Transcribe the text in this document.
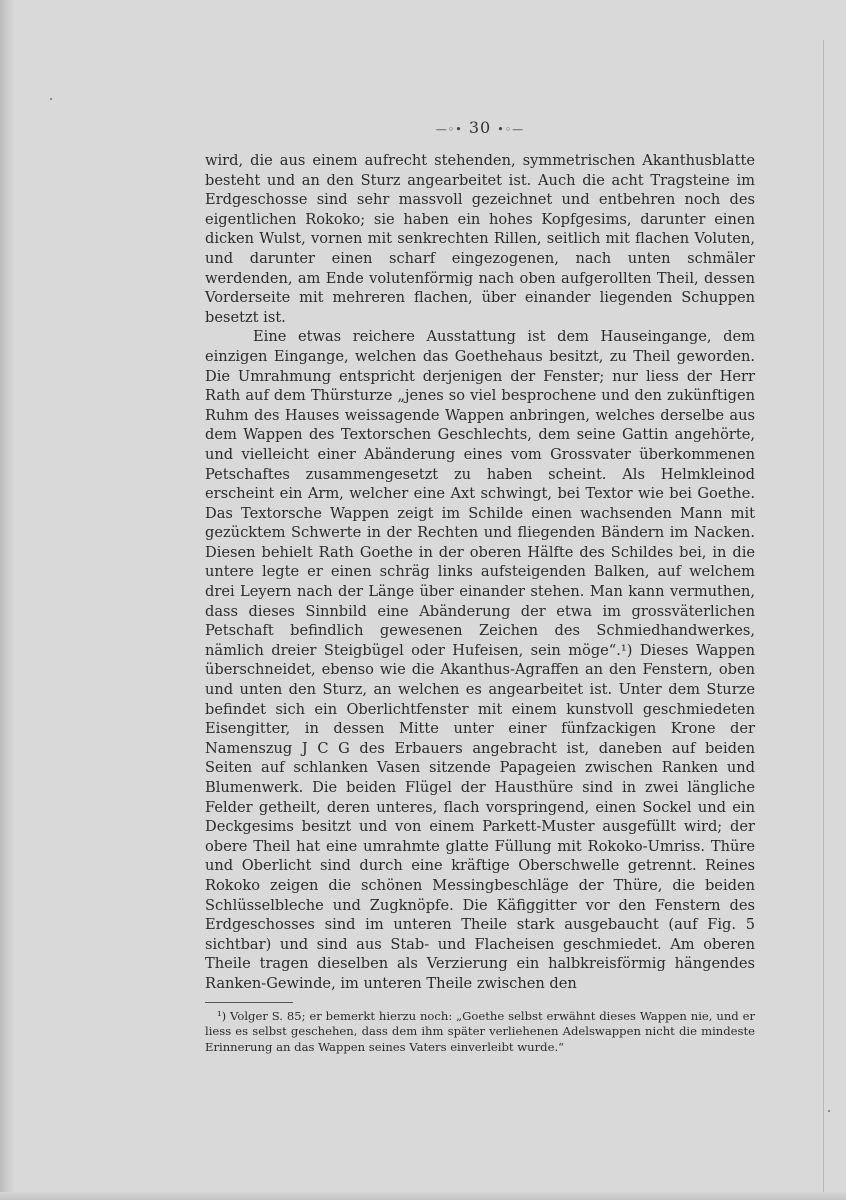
—◦• 30 •◦—

wird, die aus einem aufrecht stehenden, symmetrischen Akanthusblatte besteht und an den Sturz angearbeitet ist. Auch die acht Tragsteine im Erdgeschosse sind sehr massvoll gezeichnet und entbehren noch des eigentlichen Rokoko; sie haben ein hohes Kopfgesims, darunter einen dicken Wulst, vornen mit senkrechten Rillen, seitlich mit flachen Voluten, und darunter einen scharf eingezogenen, nach unten schmäler werdenden, am Ende volutenförmig nach oben aufgerollten Theil, dessen Vorderseite mit mehreren flachen, über einander liegenden Schuppen besetzt ist.

Eine etwas reichere Ausstattung ist dem Hauseingange, dem einzigen Eingange, welchen das Goethehaus besitzt, zu Theil geworden. Die Umrahmung entspricht derjenigen der Fenster; nur liess der Herr Rath auf dem Thürsturze „jenes so viel besprochene und den zukünftigen Ruhm des Hauses weissagende Wappen anbringen, welches derselbe aus dem Wappen des Textorschen Geschlechts, dem seine Gattin angehörte, und vielleicht einer Abänderung eines vom Grossvater überkommenen Petschaftes zusammengesetzt zu haben scheint. Als Helmkleinod erscheint ein Arm, welcher eine Axt schwingt, bei Textor wie bei Goethe. Das Textorsche Wappen zeigt im Schilde einen wachsenden Mann mit gezücktem Schwerte in der Rechten und fliegenden Bändern im Nacken. Diesen behielt Rath Goethe in der oberen Hälfte des Schildes bei, in die untere legte er einen schräg links aufsteigenden Balken, auf welchem drei Leyern nach der Länge über einander stehen. Man kann vermuthen, dass dieses Sinnbild eine Abänderung der etwa im grossväterlichen Petschaft befindlich gewesenen Zeichen des Schmiedhandwerkes, nämlich dreier Steigbügel oder Hufeisen, sein möge“.¹) Dieses Wappen überschneidet, ebenso wie die Akanthus-Agraffen an den Fenstern, oben und unten den Sturz, an welchen es angearbeitet ist. Unter dem Sturze befindet sich ein Oberlichtfenster mit einem kunstvoll geschmiedeten Eisengitter, in dessen Mitte unter einer fünfzackigen Krone der Namenszug J C G des Erbauers angebracht ist, daneben auf beiden Seiten auf schlanken Vasen sitzende Papageien zwischen Ranken und Blumenwerk. Die beiden Flügel der Hausthüre sind in zwei längliche Felder getheilt, deren unteres, flach vorspringend, einen Sockel und ein Deckgesims besitzt und von einem Parkett-Muster ausgefüllt wird; der obere Theil hat eine umrahmte glatte Füllung mit Rokoko-Umriss. Thüre und Oberlicht sind durch eine kräftige Oberschwelle getrennt. Reines Rokoko zeigen die schönen Messingbeschläge der Thüre, die beiden Schlüsselbleche und Zugknöpfe. Die Käfiggitter vor den Fenstern des Erdgeschosses sind im unteren Theile stark ausgebaucht (auf Fig. 5 sichtbar) und sind aus Stab- und Flacheisen geschmiedet. Am oberen Theile tragen dieselben als Verzierung ein halbkreisförmig hängendes Ranken-Gewinde, im unteren Theile zwischen den

¹) Volger S. 85; er bemerkt hierzu noch: „Goethe selbst erwähnt dieses Wappen nie, und er liess es selbst geschehen, dass dem ihm später verliehenen Adelswappen nicht die mindeste Erinnerung an das Wappen seines Vaters einverleibt wurde.“
